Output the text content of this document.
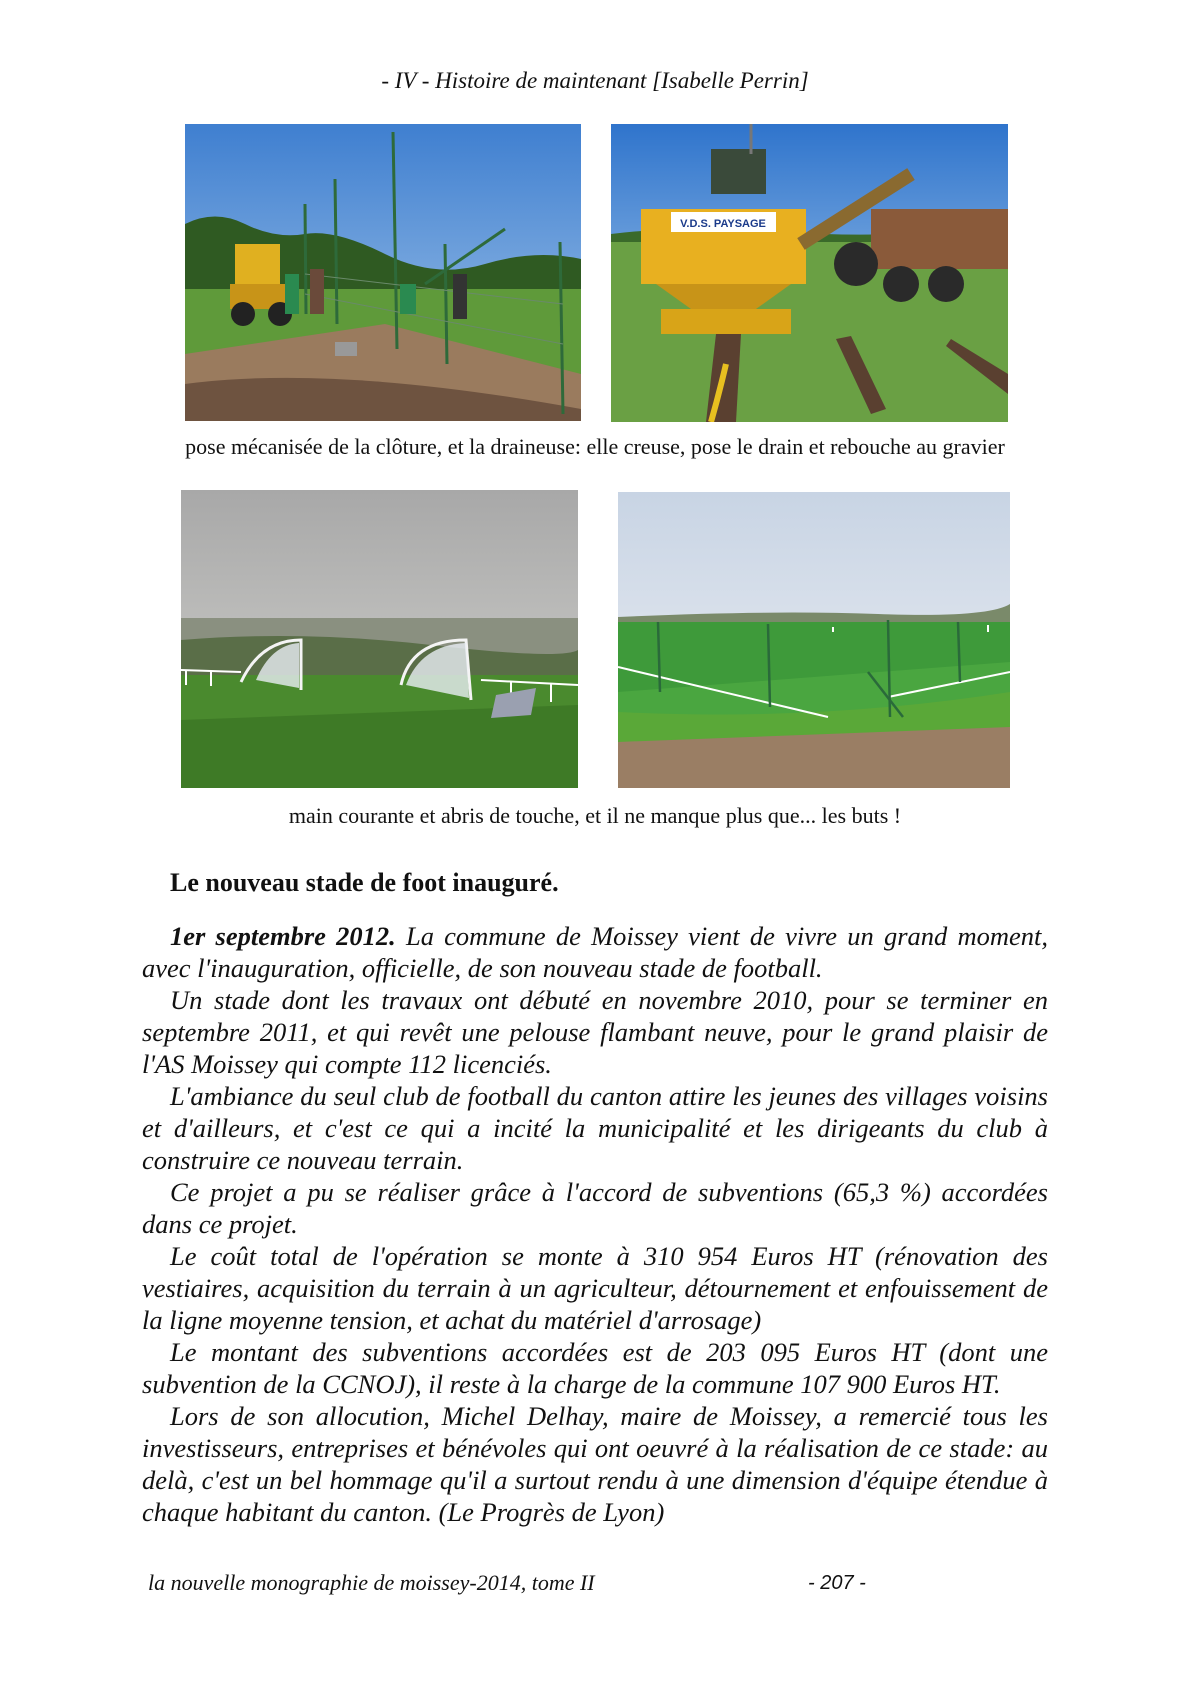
- IV - Histoire de maintenant [Isabelle Perrin]
V.D.S. PAYSAGE
pose mécanisée de la clôture, et la draineuse: elle creuse, pose le drain et rebouche au gravier
main courante et abris de touche, et il ne manque plus que... les buts !
Le nouveau stade de foot inauguré.

1er septembre 2012. La commune de Moissey vient de vivre un grand moment, avec l'inauguration, officielle, de son nouveau stade de football.

Un stade dont les travaux ont débuté en novembre 2010, pour se terminer en septembre 2011, et qui revêt une pelouse flambant neuve, pour le grand plaisir de l'AS Moissey qui compte 112 licenciés.

L'ambiance du seul club de football du canton attire les jeunes des villages voisins et d'ailleurs, et c'est ce qui a incité la municipalité et les dirigeants du club à construire ce nouveau terrain.

Ce projet a pu se réaliser grâce à l'accord de subventions (65,3 %) accordées dans ce projet.

Le coût total de l'opération se monte à 310 954 Euros HT (rénovation des vestiaires, acquisition du terrain à un agriculteur, détournement et enfouissement de la ligne moyenne tension, et achat du matériel d'arrosage)

Le montant des subventions accordées est de 203 095 Euros HT (dont une subvention de la CCNOJ), il reste à la charge de la commune 107 900 Euros HT.

Lors de son allocution, Michel Delhay, maire de Moissey, a remercié tous les investisseurs, entreprises et bénévoles qui ont oeuvré à la réalisation de ce stade: au delà, c'est un bel hommage qu'il a surtout rendu à une dimension d'équipe étendue à chaque habitant du canton. (Le Progrès de Lyon)

la nouvelle monographie de moissey-2014, tome II	- 207 -
